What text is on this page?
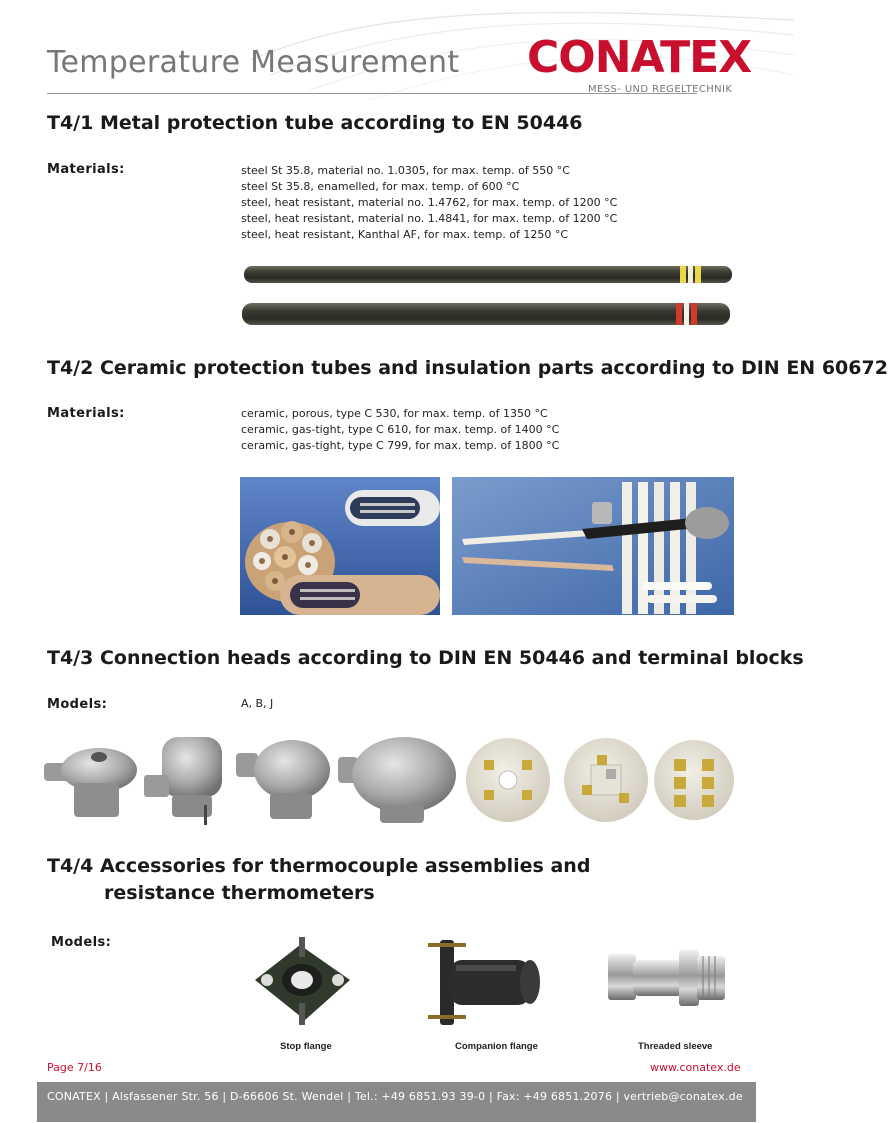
Temperature Measurement CONATEX
MESS- UND REGELTECHNIK
T4/1 Metal protection tube according to EN 50446
Materials:	steel St 35.8, material no. 1.0305, for max. temp. of 550 °C
steel St 35.8, enamelled, for max. temp. of 600 °C
steel, heat resistant, material no. 1.4762, for max. temp. of 1200 °C
steel, heat resistant, material no. 1.4841, for max. temp. of 1200 °C
steel, heat resistant, Kanthal AF, for max. temp. of 1250 °C
T4/2 Ceramic protection tubes and insulation parts according to DIN EN 60672
Materials:	ceramic, porous, type C 530, for max. temp. of 1350 °C
ceramic, gas-tight, type C 610, for max. temp. of 1400 °C
ceramic, gas-tight, type C 799, for max. temp. of 1800 °C
T4/3 Connection heads according to DIN EN 50446 and terminal blocks
Models:	A, B, J
T4/4 Accessories for thermocouple assemblies and
resistance thermometers
Models:
Stop flange	Companion flange	Threaded sleeve
Page 7/16	www.conatex.de
CONATEX | Alsfassener Str. 56 | D-66606 St. Wendel | Tel.: +49 6851.93 39-0 | Fax: +49 6851.2076 | vertrieb@conatex.de
